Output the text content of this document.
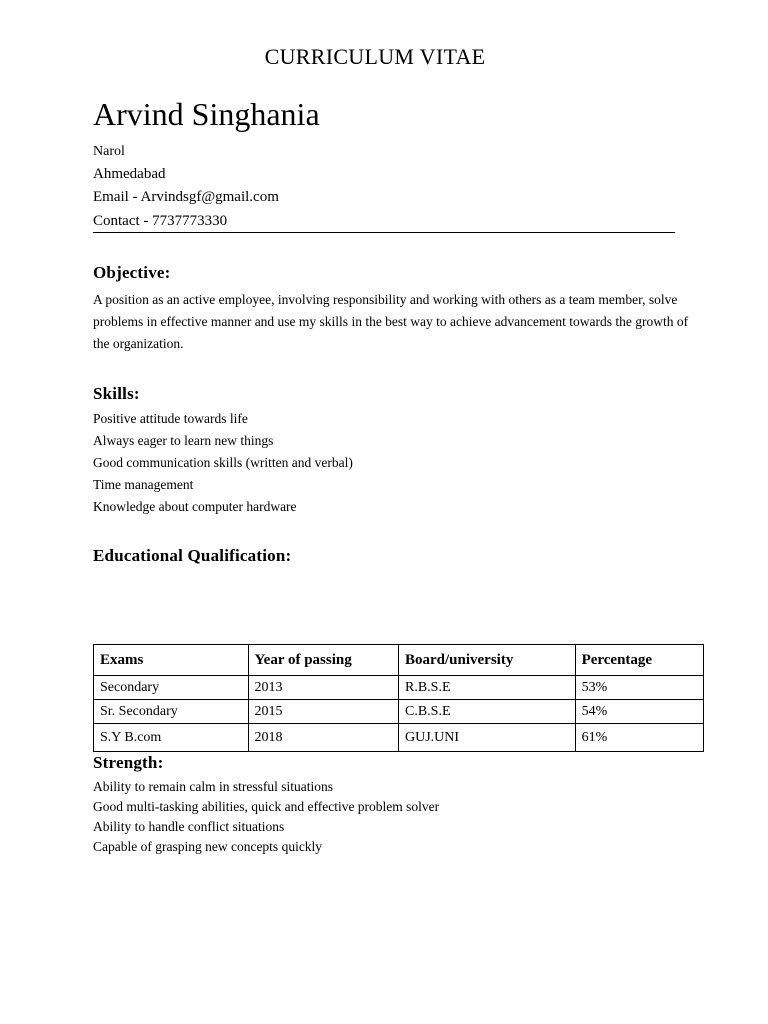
CURRICULUM VITAE
Arvind Singhania
Narol
Ahmedabad
Email - Arvindsgf@gmail.com
Contact - 7737773330
Objective:
A position as an active employee, involving responsibility and working with others as a team member, solve problems in effective manner and use my skills in the best way to achieve advancement towards the growth of the organization.
Skills:
Positive attitude towards life
Always eager to learn new things
Good communication skills (written and verbal)
Time management
Knowledge about computer hardware
Educational Qualification:
Exams	Year of passing	Board/university	Percentage
Secondary	2013	R.B.S.E	53%
Sr. Secondary	2015	C.B.S.E	54%
S.Y B.com	2018	GUJ.UNI	61%
Strength:
Ability to remain calm in stressful situations
Good multi-tasking abilities, quick and effective problem solver
Ability to handle conflict situations
Capable of grasping new concepts quickly
